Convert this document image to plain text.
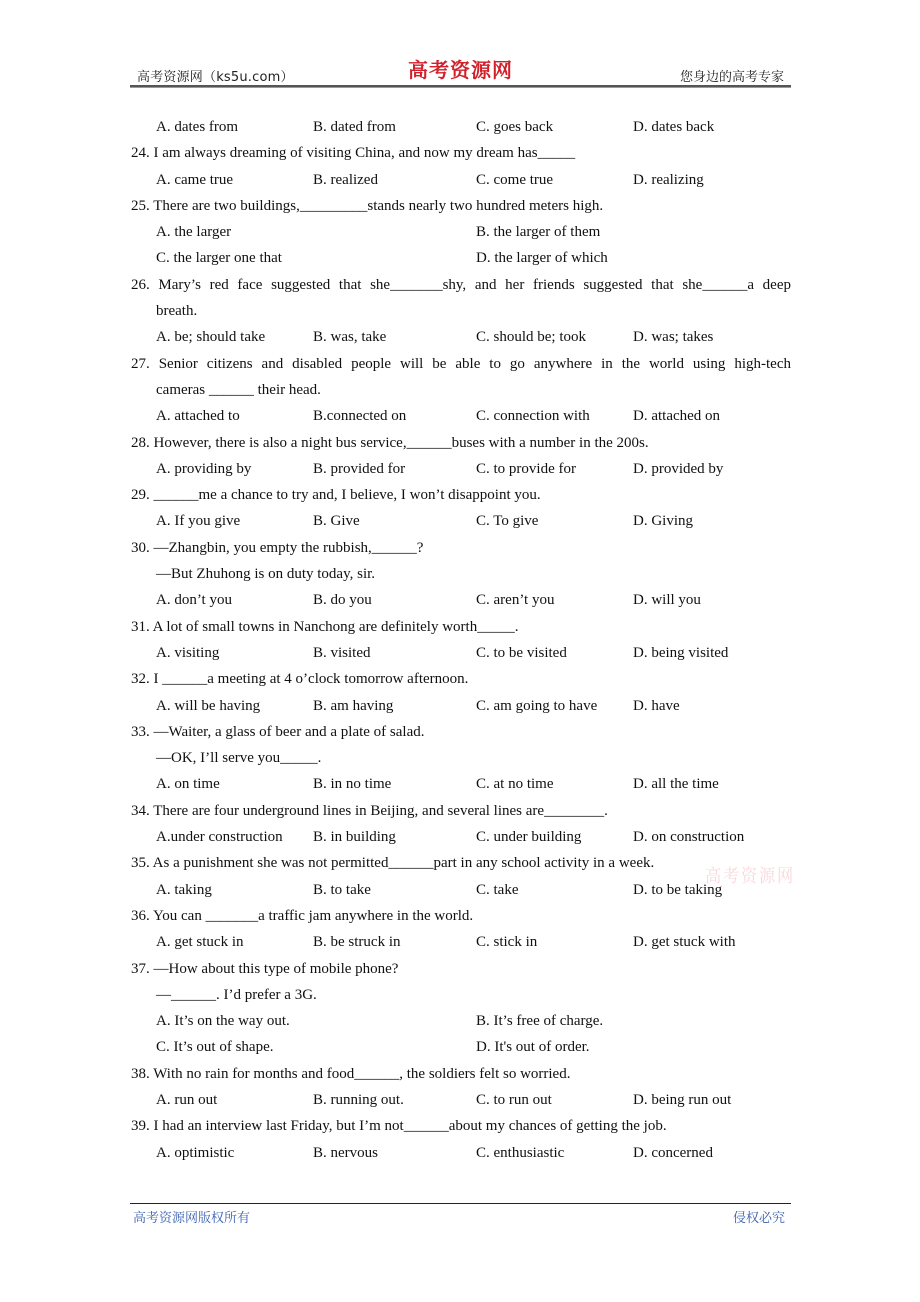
高考资源网（ks5u.com）	高考资源网	您身边的高考专家
A. dates from	B. dated from	C. goes back	D. dates back
24. I am always dreaming of visiting China, and now my dream has_____
A. came true	B. realized	C. come true	D. realizing
25. There are two buildings,_________stands nearly two hundred meters high.
A. the larger	B. the larger of them
C. the larger one that	D. the larger of which
26. Mary’s red face suggested that she_______shy, and her friends suggested that she______a deep
breath.
A. be; should take	B. was, take	C. should be; took	D. was; takes
27. Senior citizens and disabled people will be able to go anywhere in the world using high-tech
cameras ______ their head.
A. attached to	B.connected on	C. connection with	D. attached on
28. However, there is also a night bus service,______buses with a number in the 200s.
A. providing by	B. provided for	C. to provide for	D. provided by
29. ______me a chance to try and, I believe, I won’t disappoint you.
A. If you give	B. Give	C. To give	D. Giving
30. —Zhangbin, you empty the rubbish,______?
—But Zhuhong is on duty today, sir.
A. don’t you	B. do you	C. aren’t you	D. will you
31. A lot of small towns in Nanchong are definitely worth_____.
A. visiting	B. visited	C. to be visited	D. being visited
32. I ______a meeting at 4 o’clock tomorrow afternoon.
A. will be having	B. am having	C. am going to have D. have
33. —Waiter, a glass of beer and a plate of salad.
—OK, I’ll serve you_____.
A. on time	B. in no time	C. at no time	D. all the time
34. There are four underground lines in Beijing, and several lines are________.
A.under construction B. in building	C. under building	D. on construction
35. As a punishment she was not permitted______part in any school activity in a week.
A. taking	B. to take	C. take	D. to be taking
36. You can _______a traffic jam anywhere in the world.
A. get stuck in	B. be struck in	C. stick in	D. get stuck with
37. —How about this type of mobile phone?
—______. I’d prefer a 3G.
A. It’s on the way out.	B. It’s free of charge.
C. It’s out of shape.	D. It's out of order.
38. With no rain for months and food______, the soldiers felt so worried.
A. run out	B. running out.	C. to run out	D. being run out
39. I had an interview last Friday, but I’m not______about my chances of getting the job.
A. optimistic	B. nervous	C. enthusiastic	D. concerned
高考资源网
高考资源网版权所有	侵权必究
